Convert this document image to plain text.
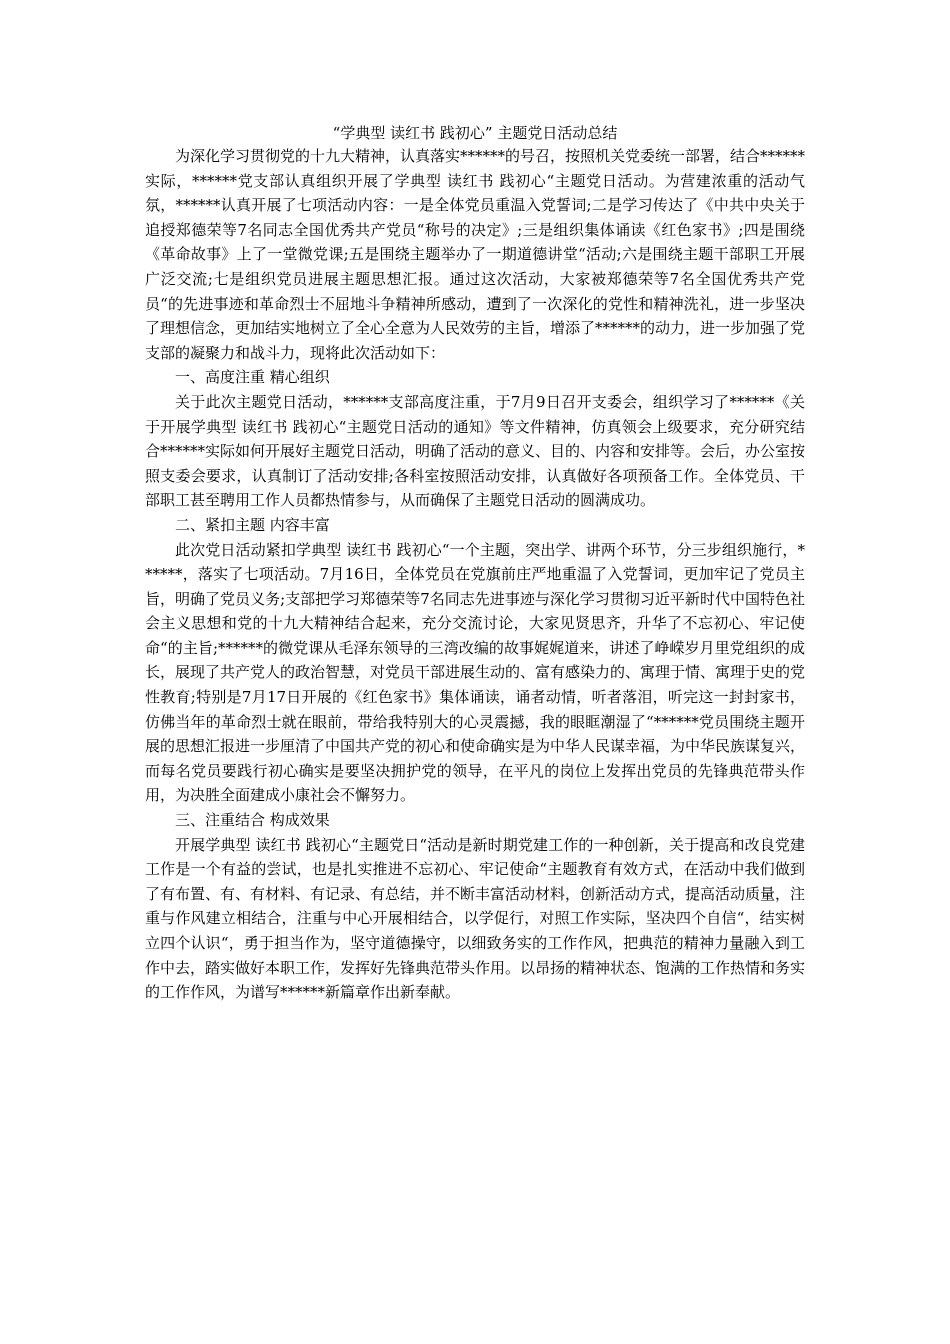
“学典型 读红书 践初心” 主题党日活动总结

为深化学习贯彻党的十九大精神，认真落实******的号召，按照机关党委统一部署，结合******实际，******党支部认真组织开展了学典型 读红书 践初心“主题党日活动。为营建浓重的活动气氛，******认真开展了七项活动内容：一是全体党员重温入党誓词;二是学习传达了《中共中央关于追授郑德荣等7名同志全国优秀共产党员“称号的决定》;三是组织集体诵读《红色家书》;四是围绕《革命故事》上了一堂微党课;五是围绕主题举办了一期道德讲堂“活动;六是围绕主题干部职工开展广泛交流;七是组织党员进展主题思想汇报。通过这次活动，大家被郑德荣等7名全国优秀共产党员“的先进事迹和革命烈士不屈地斗争精神所感动，遭到了一次深化的党性和精神洗礼，进一步坚决了理想信念，更加结实地树立了全心全意为人民效劳的主旨，增添了******的动力，进一步加强了党支部的凝聚力和战斗力，现将此次活动如下：

一、高度注重 精心组织

关于此次主题党日活动，******支部高度注重，于7月9日召开支委会，组织学习了******《关于开展学典型 读红书 践初心“主题党日活动的通知》等文件精神，仿真领会上级要求，充分研究结合******实际如何开展好主题党日活动，明确了活动的意义、目的、内容和安排等。会后，办公室按照支委会要求，认真制订了活动安排;各科室按照活动安排，认真做好各项预备工作。全体党员、干部职工甚至聘用工作人员都热情参与，从而确保了主题党日活动的圆满成功。

二、紧扣主题 内容丰富

此次党日活动紧扣学典型 读红书 践初心“一个主题，突出学、讲两个环节，分三步组织施行，******，落实了七项活动。7月16日，全体党员在党旗前庄严地重温了入党誓词，更加牢记了党员主旨，明确了党员义务;支部把学习郑德荣等7名同志先进事迹与深化学习贯彻习近平新时代中国特色社会主义思想和党的十九大精神结合起来，充分交流讨论，大家见贤思齐，升华了不忘初心、牢记使命“的主旨;******的微党课从毛泽东领导的三湾改编的故事娓娓道来，讲述了峥嵘岁月里党组织的成长，展现了共产党人的政治智慧，对党员干部进展生动的、富有感染力的、寓理于情、寓理于史的党性教育;特别是7月17日开展的《红色家书》集体诵读，诵者动情，听者落泪，听完这一封封家书，仿佛当年的革命烈士就在眼前，带给我特别大的心灵震撼，我的眼眶潮湿了“******党员围绕主题开展的思想汇报进一步厘清了中国共产党的初心和使命确实是为中华人民谋幸福，为中华民族谋复兴，而每名党员要践行初心确实是要坚决拥护党的领导，在平凡的岗位上发挥出党员的先锋典范带头作用，为决胜全面建成小康社会不懈努力。

三、注重结合 构成效果

开展学典型 读红书 践初心“主题党日“活动是新时期党建工作的一种创新，关于提高和改良党建工作是一个有益的尝试，也是扎实推进不忘初心、牢记使命“主题教育有效方式，在活动中我们做到了有布置、有、有材料、有记录、有总结，并不断丰富活动材料，创新活动方式，提高活动质量，注重与作风建立相结合，注重与中心开展相结合，以学促行，对照工作实际，坚决四个自信“，结实树立四个认识“，勇于担当作为，坚守道德操守，以细致务实的工作作风，把典范的精神力量融入到工作中去，踏实做好本职工作，发挥好先锋典范带头作用。以昂扬的精神状态、饱满的工作热情和务实的工作作风，为谱写******新篇章作出新奉献。
